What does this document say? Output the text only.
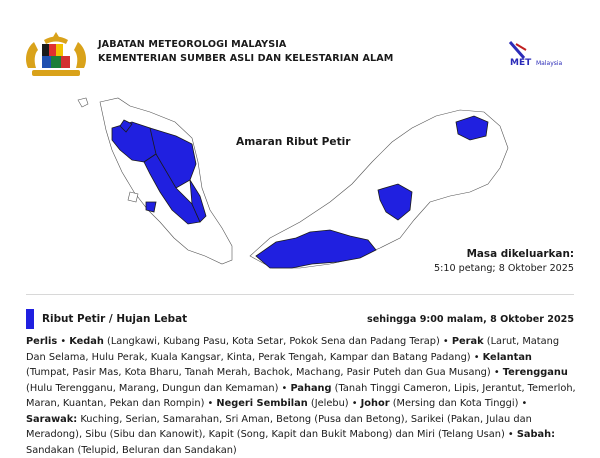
JABATAN METEOROLOGI MALAYSIA
KEMENTERIAN SUMBER ASLI DAN KELESTARIAN ALAM	MET Malaysia
Amaran Ribut Petir
Masa dikeluarkan:
5:10 petang; 8 Oktober 2025
Ribut Petir / Hujan Lebat	sehingga 9:00 malam, 8 Oktober 2025
Perlis • Kedah (Langkawi, Kubang Pasu, Kota Setar, Pokok Sena dan Padang Terap) • Perak (Larut, Matang Dan Selama, Hulu Perak, Kuala Kangsar, Kinta, Perak Tengah, Kampar dan Batang Padang) • Kelantan (Tumpat, Pasir Mas, Kota Bharu, Tanah Merah, Bachok, Machang, Pasir Puteh dan Gua Musang) • Terengganu (Hulu Terengganu, Marang, Dungun dan Kemaman) • Pahang (Tanah Tinggi Cameron, Lipis, Jerantut, Temerloh, Maran, Kuantan, Pekan dan Rompin) • Negeri Sembilan (Jelebu) • Johor (Mersing dan Kota Tinggi) • Sarawak: Kuching, Serian, Samarahan, Sri Aman, Betong (Pusa dan Betong), Sarikei (Pakan, Julau dan Meradong), Sibu (Sibu dan Kanowit), Kapit (Song, Kapit dan Bukit Mabong) dan Miri (Telang Usan) • Sabah: Sandakan (Telupid, Beluran dan Sandakan)
